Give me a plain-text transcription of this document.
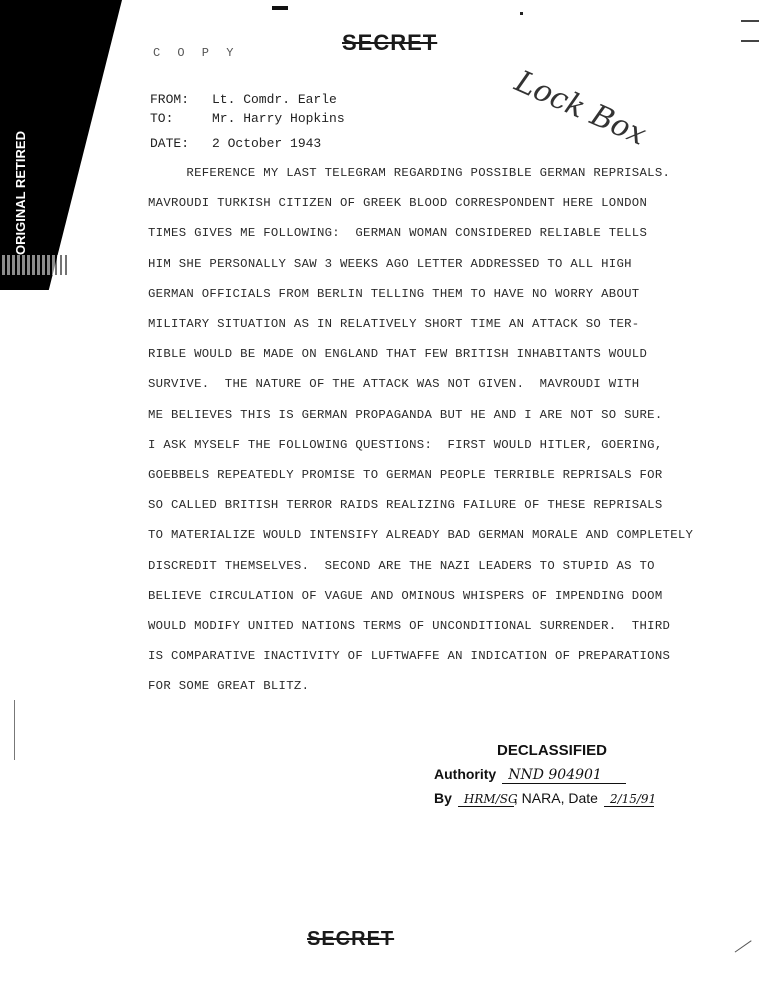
ORIGINAL RETIRED
C O P Y	SECRET
Lock Box
FROM:	Lt. Comdr. Earle
TO:	Mr. Harry Hopkins
DATE:	2 October 1943
REFERENCE MY LAST TELEGRAM REGARDING POSSIBLE GERMAN REPRISALS.
MAVROUDI TURKISH CITIZEN OF GREEK BLOOD CORRESPONDENT HERE LONDON
TIMES GIVES ME FOLLOWING:  GERMAN WOMAN CONSIDERED RELIABLE TELLS
HIM SHE PERSONALLY SAW 3 WEEKS AGO LETTER ADDRESSED TO ALL HIGH
GERMAN OFFICIALS FROM BERLIN TELLING THEM TO HAVE NO WORRY ABOUT
MILITARY SITUATION AS IN RELATIVELY SHORT TIME AN ATTACK SO TER-
RIBLE WOULD BE MADE ON ENGLAND THAT FEW BRITISH INHABITANTS WOULD
SURVIVE.  THE NATURE OF THE ATTACK WAS NOT GIVEN.  MAVROUDI WITH
ME BELIEVES THIS IS GERMAN PROPAGANDA BUT HE AND I ARE NOT SO SURE.
I ASK MYSELF THE FOLLOWING QUESTIONS:  FIRST WOULD HITLER, GOERING,
GOEBBELS REPEATEDLY PROMISE TO GERMAN PEOPLE TERRIBLE REPRISALS FOR
SO CALLED BRITISH TERROR RAIDS REALIZING FAILURE OF THESE REPRISALS
TO MATERIALIZE WOULD INTENSIFY ALREADY BAD GERMAN MORALE AND COMPLETELY
DISCREDIT THEMSELVES.  SECOND ARE THE NAZI LEADERS TO STUPID AS TO
BELIEVE CIRCULATION OF VAGUE AND OMINOUS WHISPERS OF IMPENDING DOOM
WOULD MODIFY UNITED NATIONS TERMS OF UNCONDITIONAL SURRENDER.  THIRD
IS COMPARATIVE INACTIVITY OF LUFTWAFFE AN INDICATION OF PREPARATIONS
FOR SOME GREAT BLITZ.
DECLASSIFIED
Authority NND 904901
By HRM/SG, NARA, Date 2/15/91
SECRET
